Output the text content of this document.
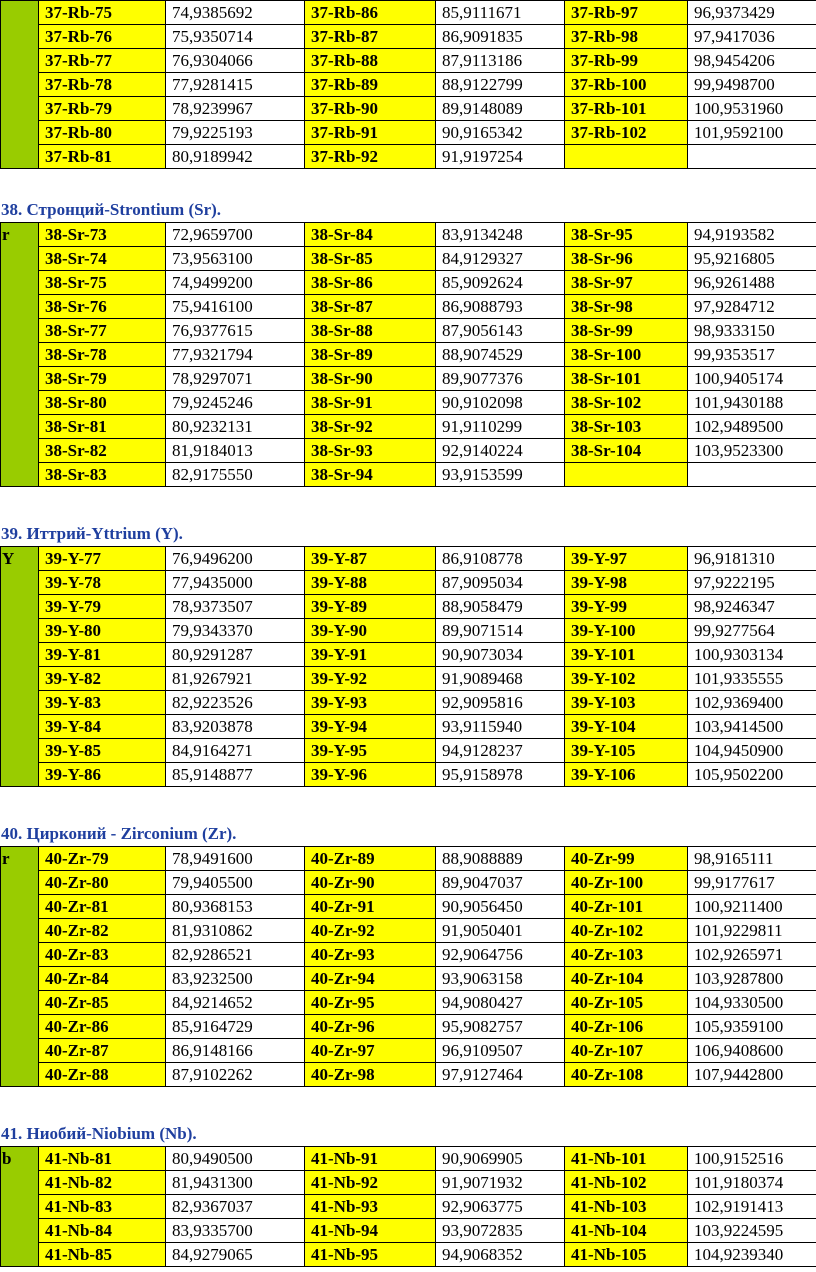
	37-Rb-75	74,9385692	37-Rb-86	85,9111671	37-Rb-97	96,9373429
	37-Rb-76	75,9350714	37-Rb-87	86,9091835	37-Rb-98	97,9417036
	37-Rb-77	76,9304066	37-Rb-88	87,9113186	37-Rb-99	98,9454206
	37-Rb-78	77,9281415	37-Rb-89	88,9122799	37-Rb-100	99,9498700
	37-Rb-79	78,9239967	37-Rb-90	89,9148089	37-Rb-101	100,9531960
	37-Rb-80	79,9225193	37-Rb-91	90,9165342	37-Rb-102	101,9592100
	37-Rb-81	80,9189942	37-Rb-92	91,9197254		
38. Стронций-Strontium (Sr).
r	38-Sr-73	72,9659700	38-Sr-84	83,9134248	38-Sr-95	94,9193582
	38-Sr-74	73,9563100	38-Sr-85	84,9129327	38-Sr-96	95,9216805
	38-Sr-75	74,9499200	38-Sr-86	85,9092624	38-Sr-97	96,9261488
	38-Sr-76	75,9416100	38-Sr-87	86,9088793	38-Sr-98	97,9284712
	38-Sr-77	76,9377615	38-Sr-88	87,9056143	38-Sr-99	98,9333150
	38-Sr-78	77,9321794	38-Sr-89	88,9074529	38-Sr-100	99,9353517
	38-Sr-79	78,9297071	38-Sr-90	89,9077376	38-Sr-101	100,9405174
	38-Sr-80	79,9245246	38-Sr-91	90,9102098	38-Sr-102	101,9430188
	38-Sr-81	80,9232131	38-Sr-92	91,9110299	38-Sr-103	102,9489500
	38-Sr-82	81,9184013	38-Sr-93	92,9140224	38-Sr-104	103,9523300
	38-Sr-83	82,9175550	38-Sr-94	93,9153599		
39. Иттрий-Yttrium (Y).
Y	39-Y-77	76,9496200	39-Y-87	86,9108778	39-Y-97	96,9181310
	39-Y-78	77,9435000	39-Y-88	87,9095034	39-Y-98	97,9222195
	39-Y-79	78,9373507	39-Y-89	88,9058479	39-Y-99	98,9246347
	39-Y-80	79,9343370	39-Y-90	89,9071514	39-Y-100	99,9277564
	39-Y-81	80,9291287	39-Y-91	90,9073034	39-Y-101	100,9303134
	39-Y-82	81,9267921	39-Y-92	91,9089468	39-Y-102	101,9335555
	39-Y-83	82,9223526	39-Y-93	92,9095816	39-Y-103	102,9369400
	39-Y-84	83,9203878	39-Y-94	93,9115940	39-Y-104	103,9414500
	39-Y-85	84,9164271	39-Y-95	94,9128237	39-Y-105	104,9450900
	39-Y-86	85,9148877	39-Y-96	95,9158978	39-Y-106	105,9502200
40. Цирконий - Zirconium (Zr).
r	40-Zr-79	78,9491600	40-Zr-89	88,9088889	40-Zr-99	98,9165111
	40-Zr-80	79,9405500	40-Zr-90	89,9047037	40-Zr-100	99,9177617
	40-Zr-81	80,9368153	40-Zr-91	90,9056450	40-Zr-101	100,9211400
	40-Zr-82	81,9310862	40-Zr-92	91,9050401	40-Zr-102	101,9229811
	40-Zr-83	82,9286521	40-Zr-93	92,9064756	40-Zr-103	102,9265971
	40-Zr-84	83,9232500	40-Zr-94	93,9063158	40-Zr-104	103,9287800
	40-Zr-85	84,9214652	40-Zr-95	94,9080427	40-Zr-105	104,9330500
	40-Zr-86	85,9164729	40-Zr-96	95,9082757	40-Zr-106	105,9359100
	40-Zr-87	86,9148166	40-Zr-97	96,9109507	40-Zr-107	106,9408600
	40-Zr-88	87,9102262	40-Zr-98	97,9127464	40-Zr-108	107,9442800
41. Ниобий-Niobium (Nb).
b	41-Nb-81	80,9490500	41-Nb-91	90,9069905	41-Nb-101	100,9152516
	41-Nb-82	81,9431300	41-Nb-92	91,9071932	41-Nb-102	101,9180374
	41-Nb-83	82,9367037	41-Nb-93	92,9063775	41-Nb-103	102,9191413
	41-Nb-84	83,9335700	41-Nb-94	93,9072835	41-Nb-104	103,9224595
	41-Nb-85	84,9279065	41-Nb-95	94,9068352	41-Nb-105	104,9239340
